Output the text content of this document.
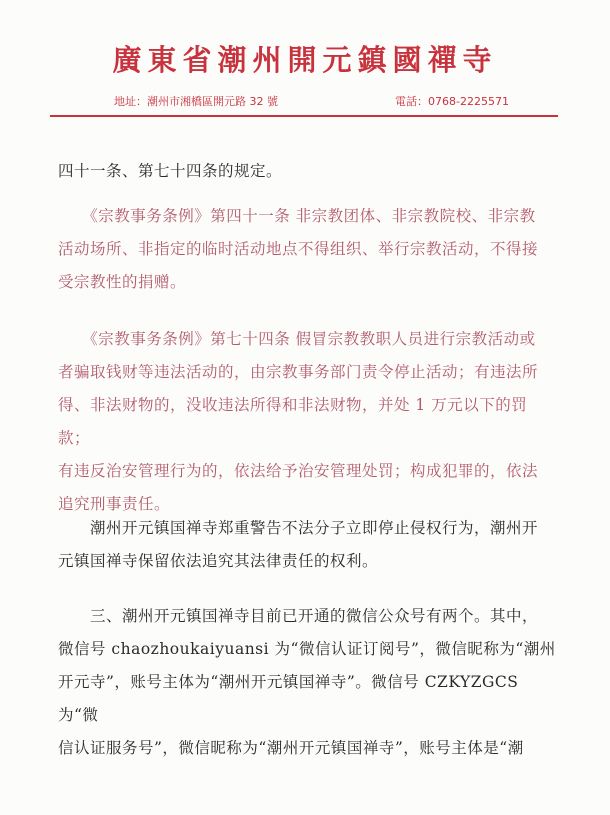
廣東省潮州開元鎮國禪寺
地址：潮州市湘橋區開元路 32 號	電話：0768-2225571

四十一条、第七十四条的规定。

　　《宗教事务条例》第四十一条 非宗教团体、非宗教院校、非宗教
活动场所、非指定的临时活动地点不得组织、举行宗教活动，不得接
受宗教性的捐赠。

　　《宗教事务条例》第七十四条 假冒宗教教职人员进行宗教活动或
者骗取钱财等违法活动的，由宗教事务部门责令停止活动；有违法所
得、非法财物的，没收违法所得和非法财物，并处 1 万元以下的罚款；
有违反治安管理行为的，依法给予治安管理处罚；构成犯罪的，依法
追究刑事责任。

　　潮州开元镇国禅寺郑重警告不法分子立即停止侵权行为，潮州开
元镇国禅寺保留依法追究其法律责任的权利。

　　三、潮州开元镇国禅寺目前已开通的微信公众号有两个。其中，
微信号 chaozhoukaiyuansi 为“微信认证订阅号”，微信昵称为“潮州
开元寺”，账号主体为“潮州开元镇国禅寺”。微信号 CZKYZGCS 为“微
信认证服务号”，微信昵称为“潮州开元镇国禅寺”，账号主体是“潮
